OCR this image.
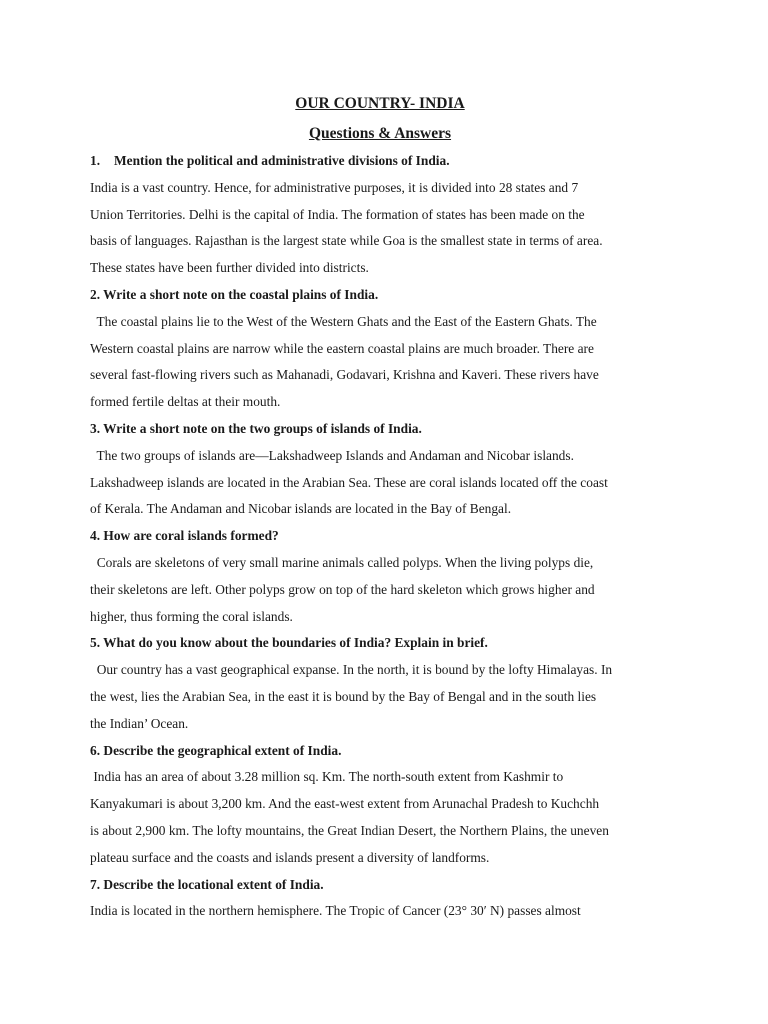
OUR COUNTRY- INDIA
Questions & Answers

1. Mention the political and administrative divisions of India.

India is a vast country. Hence, for administrative purposes, it is divided into 28 states and 7
Union Territories. Delhi is the capital of India. The formation of states has been made on the
basis of languages. Rajasthan is the largest state while Goa is the smallest state in terms of area.
These states have been further divided into districts.

2. Write a short note on the coastal plains of India.

The coastal plains lie to the West of the Western Ghats and the East of the Eastern Ghats. The
Western coastal plains are narrow while the eastern coastal plains are much broader. There are
several fast-flowing rivers such as Mahanadi, Godavari, Krishna and Kaveri. These rivers have
formed fertile deltas at their mouth.

3. Write a short note on the two groups of islands of India.

The two groups of islands are—Lakshadweep Islands and Andaman and Nicobar islands.
Lakshadweep islands are located in the Arabian Sea. These are coral islands located off the coast
of Kerala. The Andaman and Nicobar islands are located in the Bay of Bengal.

4. How are coral islands formed?

Corals are skeletons of very small marine animals called polyps. When the living polyps die,
their skeletons are left. Other polyps grow on top of the hard skeleton which grows higher and
higher, thus forming the coral islands.

5. What do you know about the boundaries of India? Explain in brief.

Our country has a vast geographical expanse. In the north, it is bound by the lofty Himalayas. In
the west, lies the Arabian Sea, in the east it is bound by the Bay of Bengal and in the south lies
the Indian’ Ocean.

6. Describe the geographical extent of India.

India has an area of about 3.28 million sq. Km. The north-south extent from Kashmir to
Kanyakumari is about 3,200 km. And the east-west extent from Arunachal Pradesh to Kuchchh
is about 2,900 km. The lofty mountains, the Great Indian Desert, the Northern Plains, the uneven
plateau surface and the coasts and islands present a diversity of landforms.

7. Describe the locational extent of India.

India is located in the northern hemisphere. The Tropic of Cancer (23° 30′ N) passes almost
